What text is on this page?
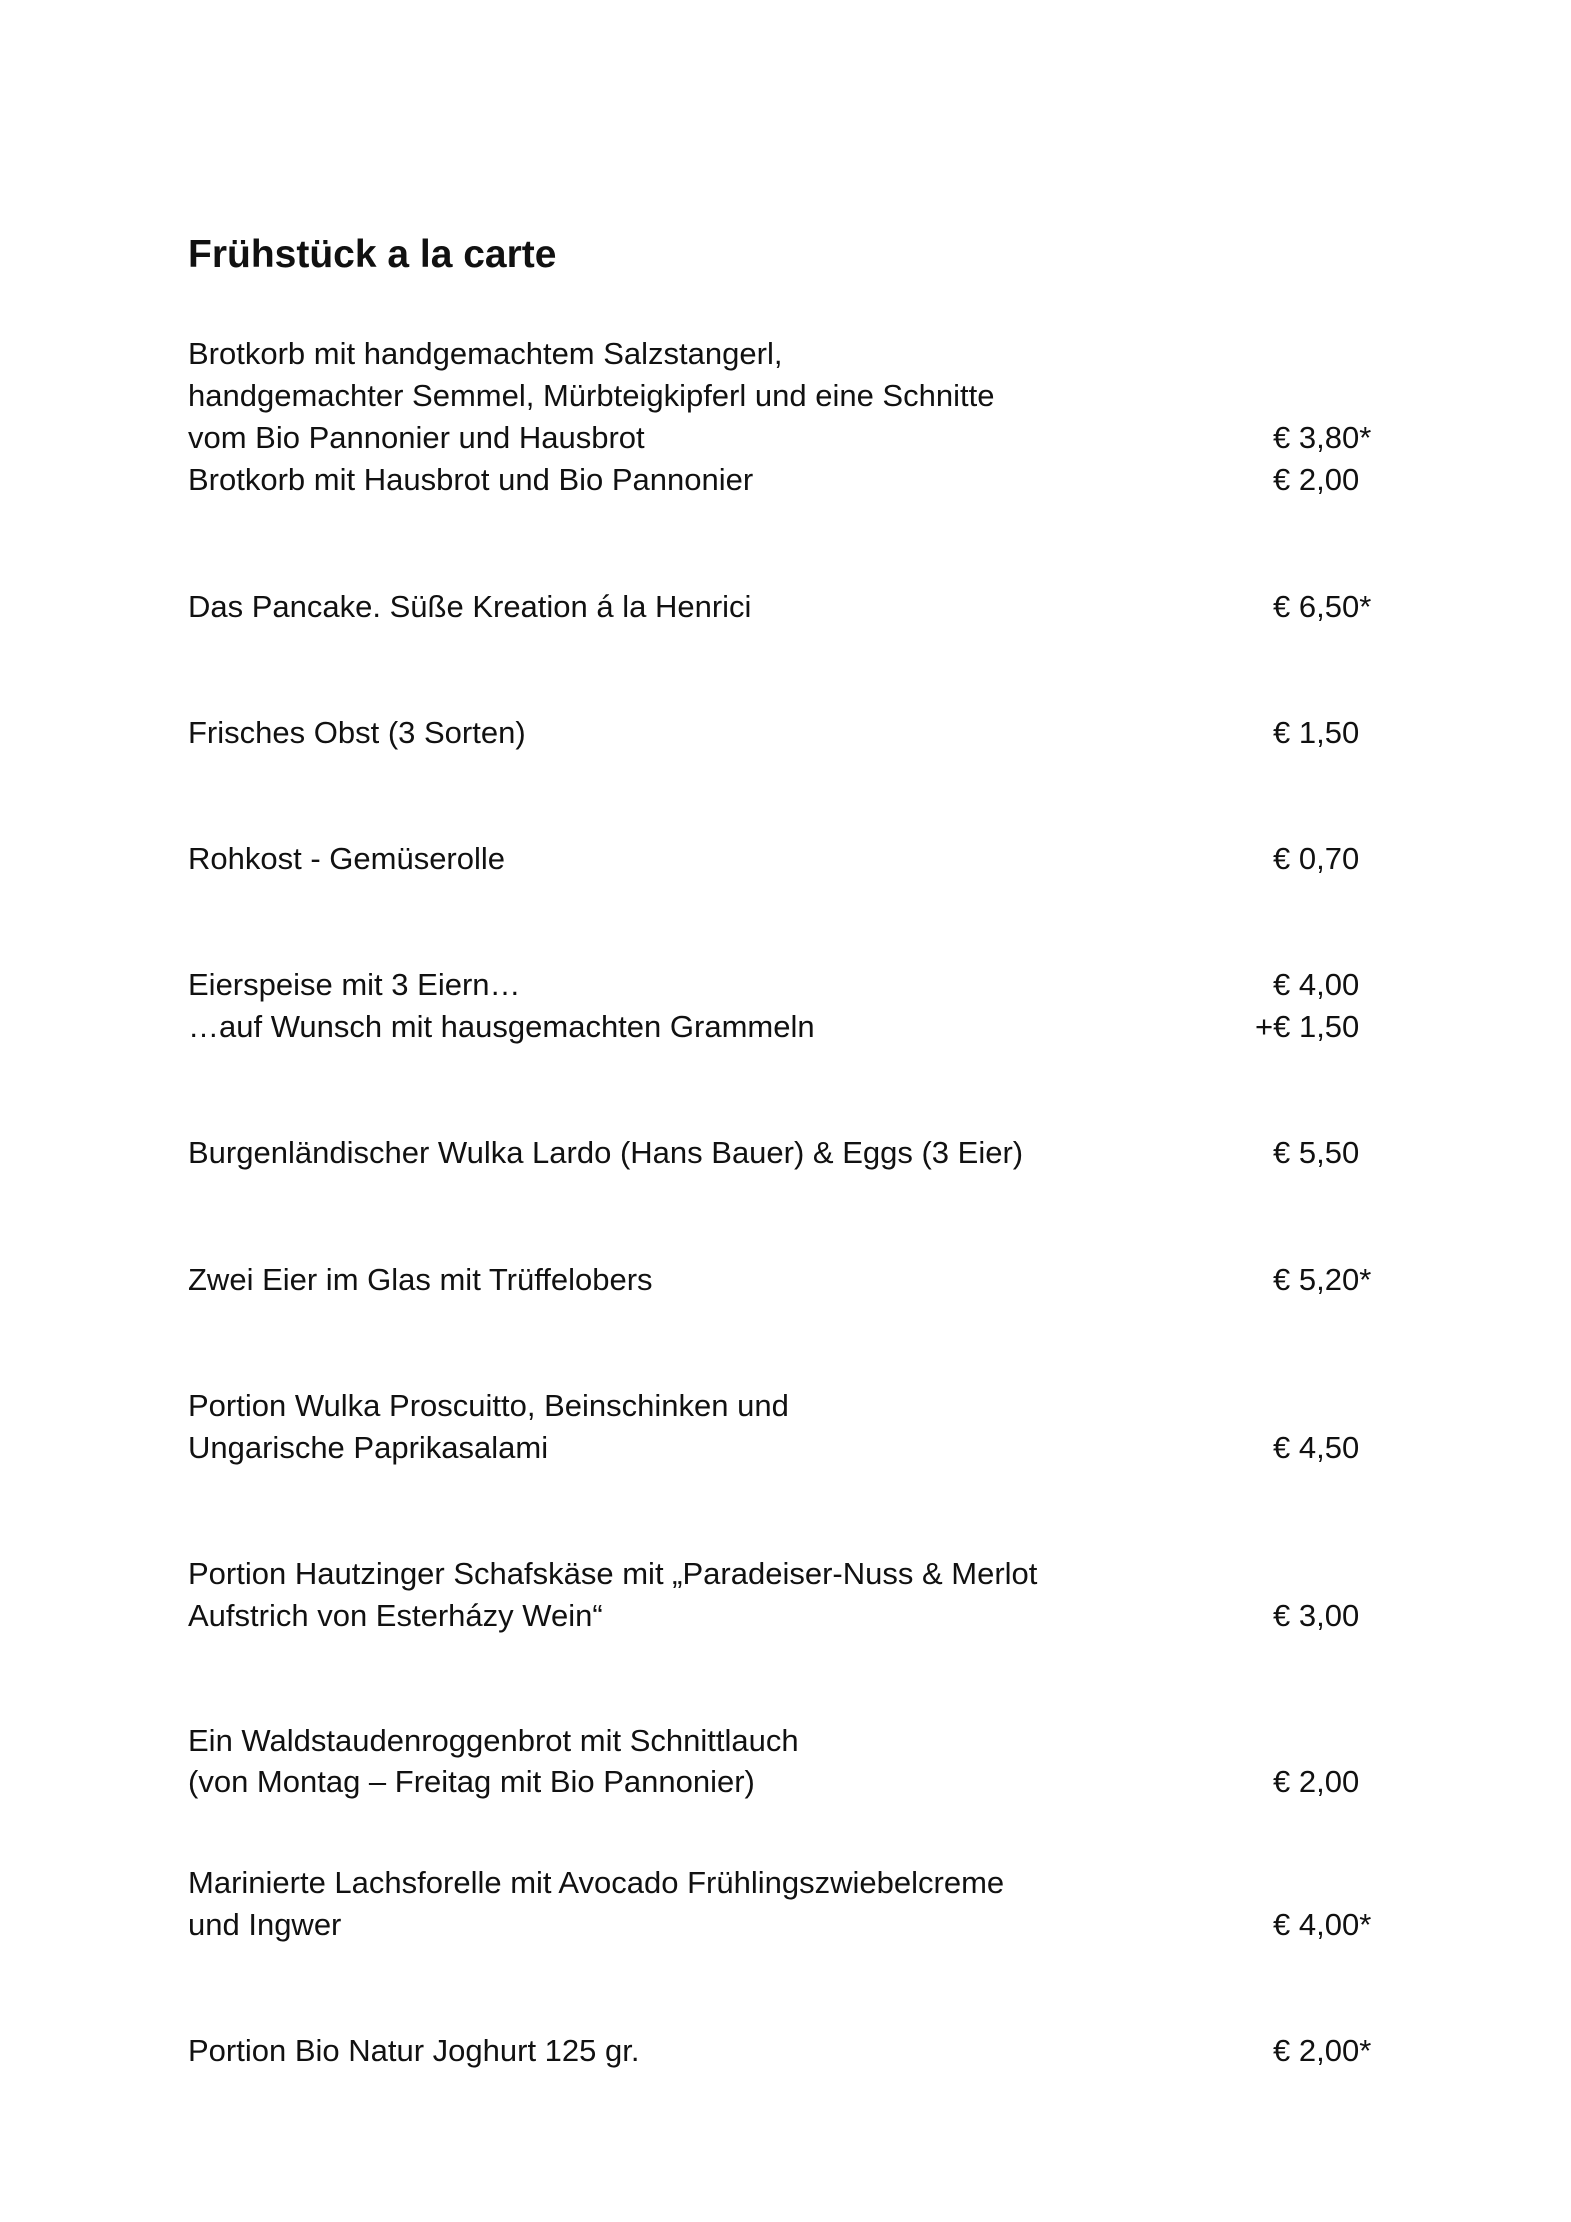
Frühstück a la carte
Brotkorb mit handgemachtem Salzstangerl,
handgemachter Semmel, Mürbteigkipferl und eine Schnitte
vom Bio Pannonier und Hausbrot	€ 3,80*
Brotkorb mit Hausbrot und Bio Pannonier	€ 2,00
Das Pancake. Süße Kreation á la Henrici	€ 6,50*
Frisches Obst (3 Sorten)	€ 1,50
Rohkost - Gemüserolle	€ 0,70
Eierspeise mit 3 Eiern…	€ 4,00
…auf Wunsch mit hausgemachten Grammeln	+€ 1,50
Burgenländischer Wulka Lardo (Hans Bauer) & Eggs (3 Eier)	€ 5,50
Zwei Eier im Glas mit Trüffelobers	€ 5,20*
Portion Wulka Proscuitto, Beinschinken und
Ungarische Paprikasalami	€ 4,50
Portion Hautzinger Schafskäse mit „Paradeiser-Nuss & Merlot
Aufstrich von Esterházy Wein“	€ 3,00
Ein Waldstaudenroggenbrot mit Schnittlauch
(von Montag – Freitag mit Bio Pannonier)	€ 2,00
Marinierte Lachsforelle mit Avocado Frühlingszwiebelcreme
und Ingwer	€ 4,00*
Portion Bio Natur Joghurt 125 gr.	€ 2,00*
